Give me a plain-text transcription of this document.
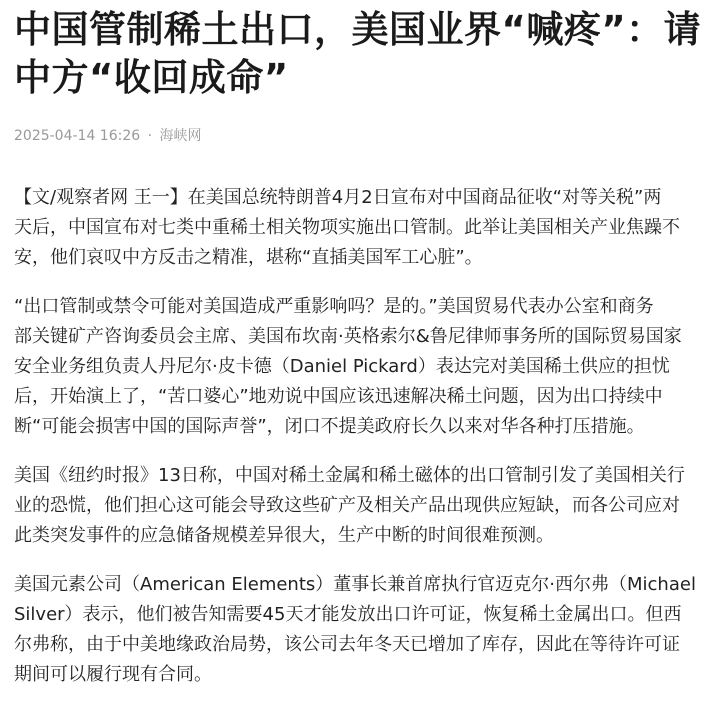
中国管制稀土出口，美国业界“喊疼”：请
中方“收回成命”
2025-04-14 16:26 · 海峡网

【文/观察者网 王一】在美国总统特朗普4月2日宣布对中国商品征收“对等关税”两
天后，中国宣布对七类中重稀土相关物项实施出口管制。此举让美国相关产业焦躁不
安，他们哀叹中方反击之精准，堪称“直插美国军工心脏”。

“出口管制或禁令可能对美国造成严重影响吗？是的。”美国贸易代表办公室和商务
部关键矿产咨询委员会主席、美国布坎南·英格索尔&鲁尼律师事务所的国际贸易国家
安全业务组负责人丹尼尔·皮卡德（Daniel Pickard）表达完对美国稀土供应的担忧
后，开始演上了，“苦口婆心”地劝说中国应该迅速解决稀土问题，因为出口持续中
断“可能会损害中国的国际声誉”，闭口不提美政府长久以来对华各种打压措施。

美国《纽约时报》13日称，中国对稀土金属和稀土磁体的出口管制引发了美国相关行
业的恐慌，他们担心这可能会导致这些矿产及相关产品出现供应短缺，而各公司应对
此类突发事件的应急储备规模差异很大，生产中断的时间很难预测。

美国元素公司（American Elements）董事长兼首席执行官迈克尔·西尔弗（Michael
Silver）表示，他们被告知需要45天才能发放出口许可证，恢复稀土金属出口。但西
尔弗称，由于中美地缘政治局势，该公司去年冬天已增加了库存，因此在等待许可证
期间可以履行现有合同。
